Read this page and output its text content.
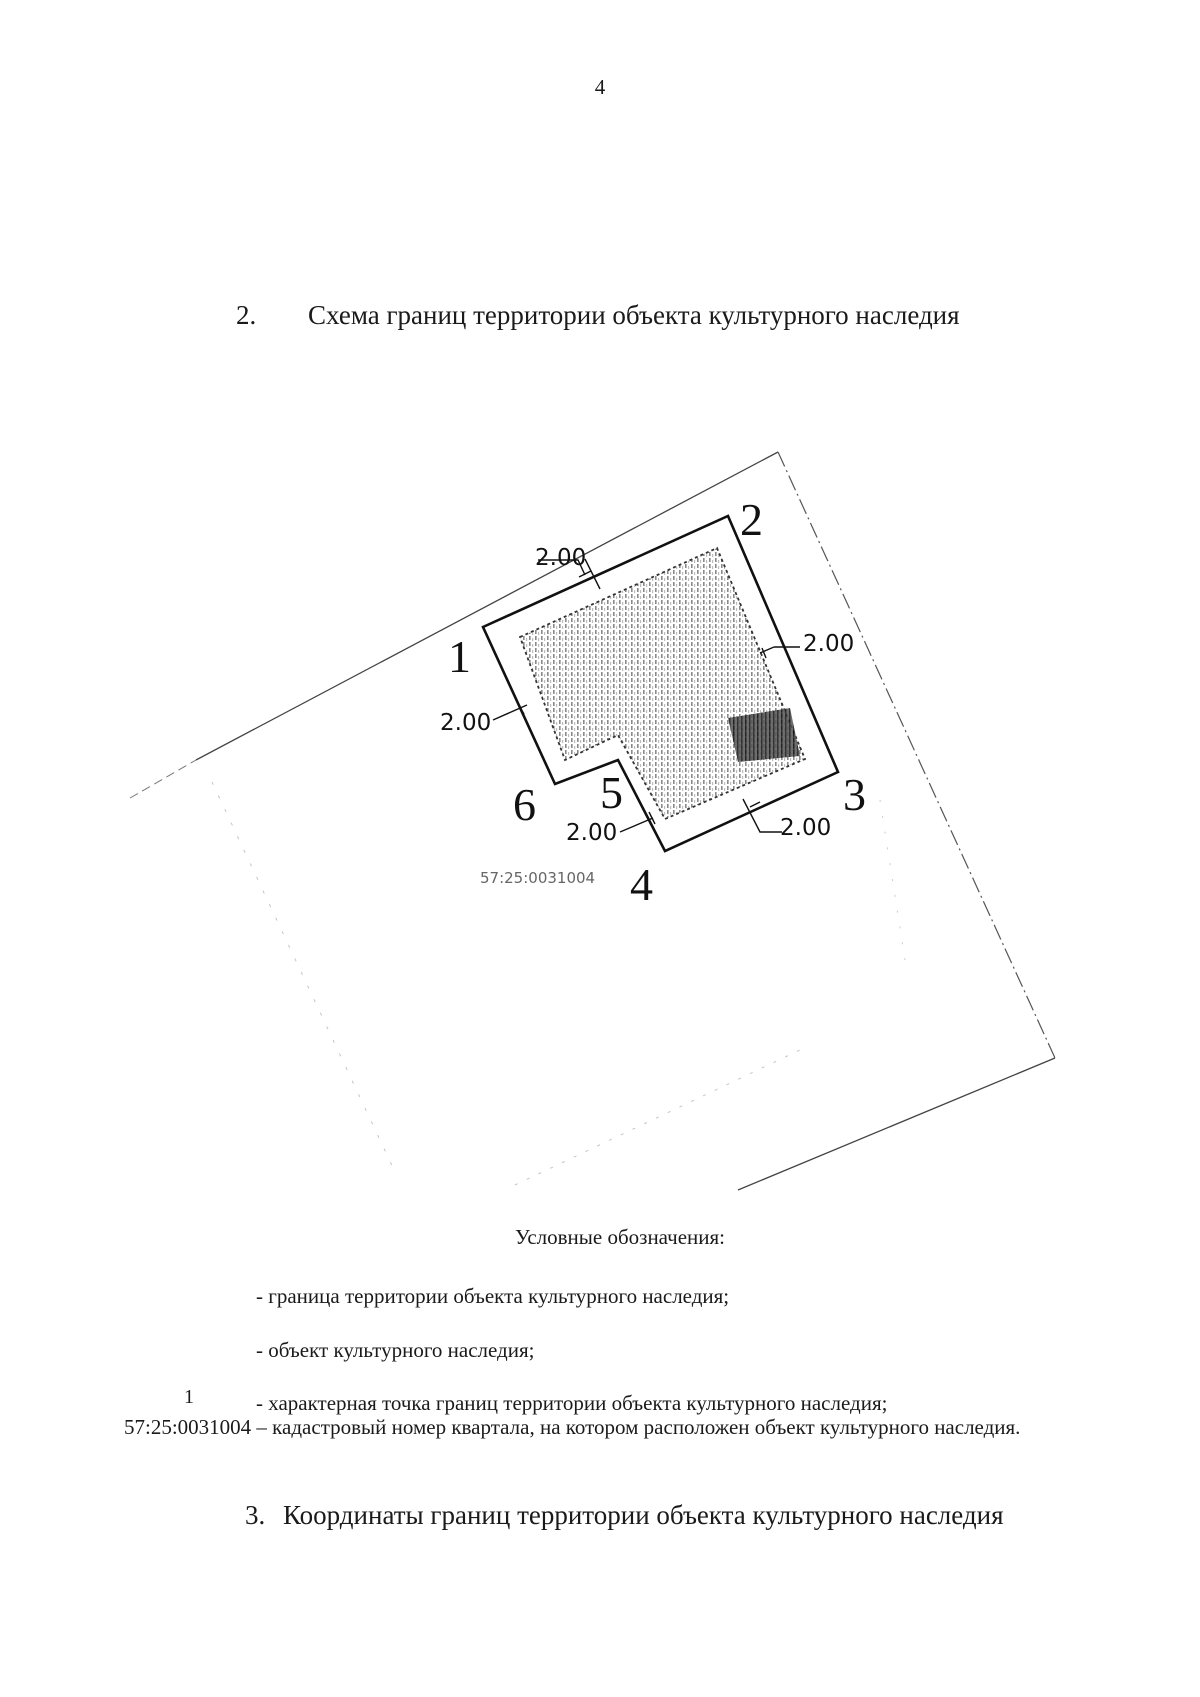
4
2. Схема границ территории объекта культурного наследия
1
2
3
4
5
6
2.00
2.00
2.00
2.00	2.00
57:25:0031004
Условные обозначения:
- граница территории объекта культурного наследия;
- объект культурного наследия;
1	- характерная точка границ территории объекта культурного наследия;
57:25:0031004 – кадастровый номер квартала, на котором расположен объект культурного наследия.
3. Координаты границ территории объекта культурного наследия
